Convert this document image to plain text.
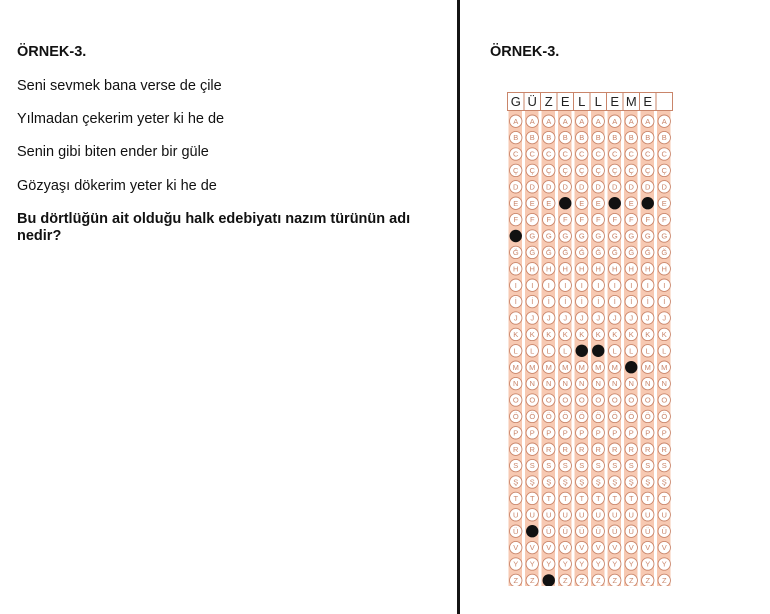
ÖRNEK-3.
Seni sevmek bana verse de çile
Yılmadan çekerim yeter ki he de
Senin gibi biten ender bir güle
Gözyaşı dökerim yeter ki he de
Bu dörtlüğün ait olduğu halk edebiyatı nazım türünün adı nedir?
ÖRNEK-3.
G
A
B
C
Ç
D
E
F
Ğ
H
I
İ
J
K
L
M
N
O
Ö
P
R
S
Ş
T
U
Ü
V
Y
Z
Ü
A
B
C
Ç
D
E
F
G
Ğ
H
I
İ
J
K
L
M
N
O
Ö
P
R
S
Ş
T
U
V
Y
Z
Z
A
B
C
Ç
D
E
F
G
Ğ
H
I
İ
J
K
L
M
N
O
Ö
P
R
S
Ş
T
U
Ü
V
Y
E
A
B
C
Ç
D
F
G
Ğ
H
I
İ
J
K
L
M
N
O
Ö
P
R
S
Ş
T
U
Ü
V
Y
Z
L
A
B
C
Ç
D
E
F
G
Ğ
H
I
İ
J
K
M
N
O
Ö
P
R
S
Ş
T
U
Ü
V
Y
Z
L
A
B
C
Ç
D
E
F
G
Ğ
H
I
İ
J
K
M
N
O
Ö
P
R
S
Ş
T
U
Ü
V
Y
Z
E
A
B
C
Ç
D
F
G
Ğ
H
I
İ
J
K
L
M
N
O
Ö
P
R
S
Ş
T
U
Ü
V
Y
Z
M
A
B
C
Ç
D
E
F
G
Ğ
H
I
İ
J
K
L
N
O
Ö
P
R
S
Ş
T
U
Ü
V
Y
Z
E
A
B
C
Ç
D
F
G
Ğ
H
I
İ
J
K
L
M
N
O
Ö
P
R
S
Ş
T
U
Ü
V
Y
Z
A
B
C
Ç
D
E
F
G
Ğ
H
I
İ
J
K
L
M
N
O
Ö
P
R
S
Ş
T
U
Ü
V
Y
Z
